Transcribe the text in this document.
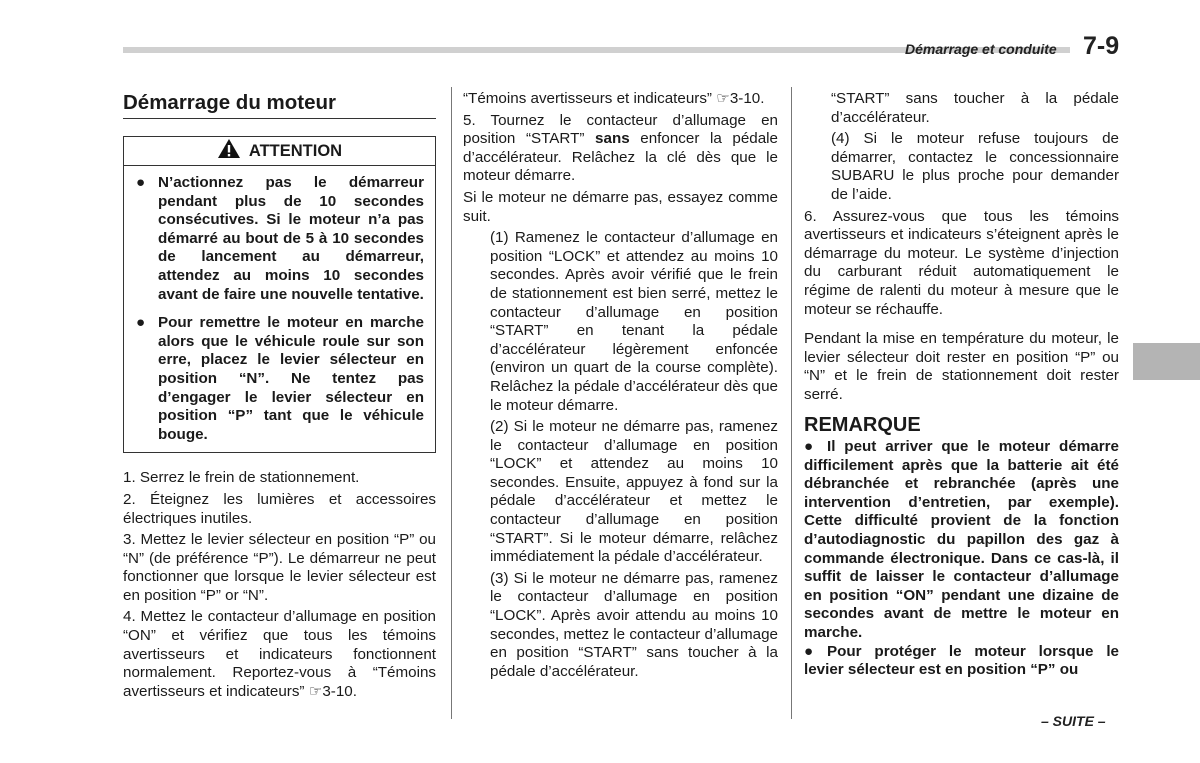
Démarrage et conduite 7-9
Démarrage du moteur
ATTENTION
● N’actionnez pas le démarreur pendant plus de 10 secondes consécutives. Si le moteur n’a pas démarré au bout de 5 à 10 secondes de lancement au démarreur, attendez au moins 10 secondes avant de faire une nouvelle tentative.
● Pour remettre le moteur en marche alors que le véhicule roule sur son erre, placez le levier sélecteur en position “N”. Ne tentez pas d’engager le levier sélecteur en position “P” tant que le véhicule bouge.

1. Serrez le frein de stationnement.

2. Éteignez les lumières et accessoires électriques inutiles.

3. Mettez le levier sélecteur en position “P” ou “N” (de préférence “P”). Le démarreur ne peut fonctionner que lorsque le levier sélecteur est en position “P” or “N”.

4. Mettez le contacteur d’allumage en position “ON” et vérifiez que tous les témoins avertisseurs et indicateurs fonctionnent normalement. Reportez-vous à “Témoins avertisseurs et indicateurs” ☞3-10.

“Témoins avertisseurs et indicateurs” ☞3-10.

5. Tournez le contacteur d’allumage en position “START” sans enfoncer la pédale d’accélérateur. Relâchez la clé dès que le moteur démarre.

Si le moteur ne démarre pas, essayez comme suit.

(1) Ramenez le contacteur d’allumage en position “LOCK” et attendez au moins 10 secondes. Après avoir vérifié que le frein de stationnement est bien serré, mettez le contacteur d’allumage en position “START” en tenant la pédale d’accélérateur légèrement enfoncée (environ un quart de la course complète). Relâchez la pédale d’accélérateur dès que le moteur démarre.

(2) Si le moteur ne démarre pas, ramenez le contacteur d’allumage en position “LOCK” et attendez au moins 10 secondes. Ensuite, appuyez à fond sur la pédale d’accélérateur et mettez le contacteur d’allumage en position “START”. Si le moteur démarre, relâchez immédiatement la pédale d’accélérateur.

(3) Si le moteur ne démarre pas, ramenez le contacteur d’allumage en position “LOCK”. Après avoir attendu au moins 10 secondes, mettez le contacteur d’allumage en position “START” sans toucher à la pédale d’accélérateur.

“START” sans toucher à la pédale d’accélérateur.

(4) Si le moteur refuse toujours de démarrer, contactez le concessionnaire SUBARU le plus proche pour demander de l’aide.

6. Assurez-vous que tous les témoins avertisseurs et indicateurs s’éteignent après le démarrage du moteur. Le système d’injection du carburant réduit automatiquement le régime de ralenti du moteur à mesure que le moteur se réchauffe.

Pendant la mise en température du moteur, le levier sélecteur doit rester en position “P” ou “N” et le frein de stationnement doit rester serré.

REMARQUE

● Il peut arriver que le moteur démarre difficilement après que la batterie ait été débranchée et rebranchée (après une intervention d’entretien, par exemple). Cette difficulté provient de la fonction d’autodiagnostic du papillon des gaz à commande électronique. Dans ce cas-là, il suffit de laisser le contacteur d’allumage en position “ON” pendant une dizaine de secondes avant de mettre le moteur en marche.

● Pour protéger le moteur lorsque le levier sélecteur est en position “P” ou

– SUITE –
